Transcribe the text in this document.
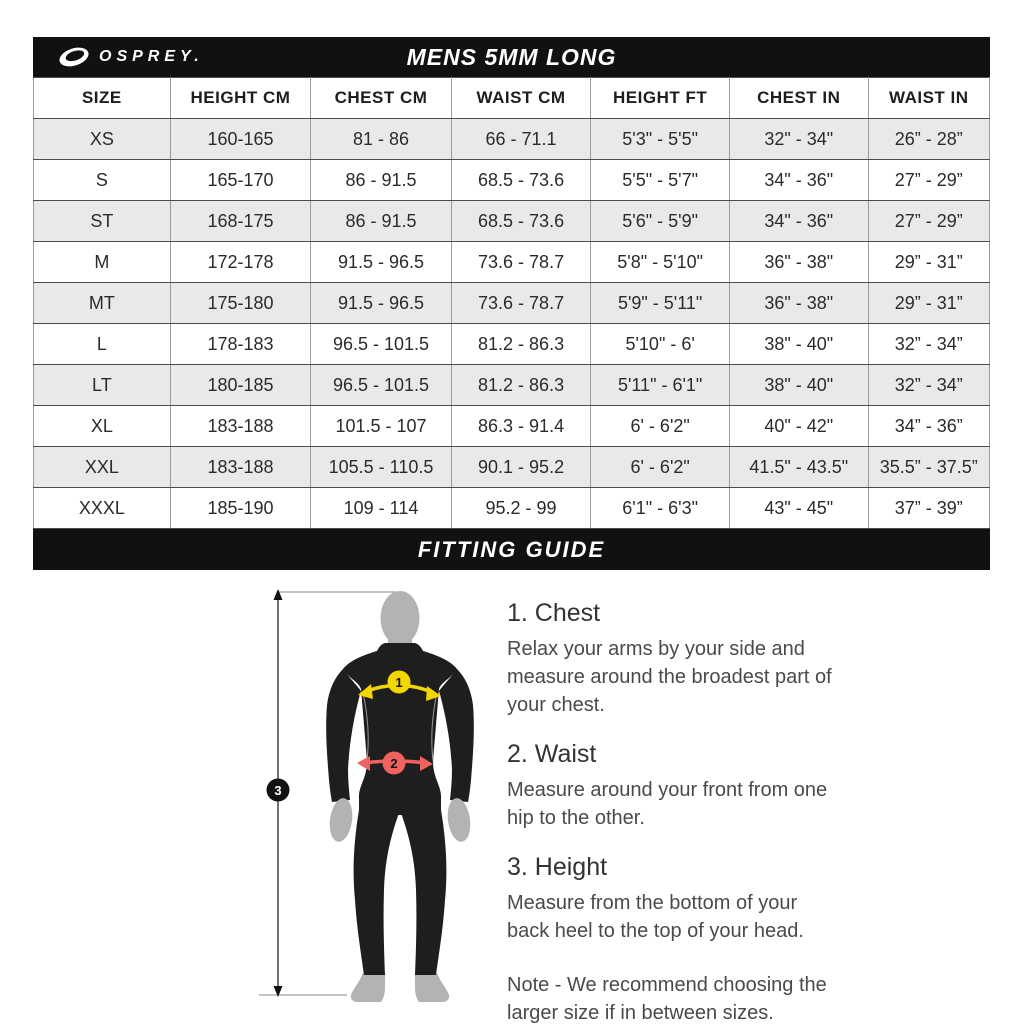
OSPREY.	MENS 5MM LONG
SIZE	HEIGHT CM	CHEST CM	WAIST CM	HEIGHT FT	CHEST IN	WAIST IN
XS	160-165	81 - 86	66 - 71.1	5'3" - 5'5"	32" - 34"	26” - 28”
S	165-170	86 - 91.5	68.5 - 73.6	5'5" - 5'7"	34" - 36"	27” - 29”
ST	168-175	86 - 91.5	68.5 - 73.6	5'6" - 5'9"	34" - 36"	27” - 29”
M	172-178	91.5 - 96.5	73.6 - 78.7	5'8" - 5'10"	36" - 38"	29” - 31”
MT	175-180	91.5 - 96.5	73.6 - 78.7	5'9" - 5'11"	36" - 38"	29” - 31”
L	178-183	96.5 - 101.5	81.2 - 86.3	5'10" - 6'	38" - 40"	32” - 34”
LT	180-185	96.5 - 101.5	81.2 - 86.3	5'11" - 6'1"	38" - 40"	32” - 34”
XL	183-188	101.5 - 107	86.3 - 91.4	6' - 6'2"	40" - 42"	34” - 36”
XXL	183-188	105.5 - 110.5	90.1 - 95.2	6' - 6'2"	41.5" - 43.5"	35.5” - 37.5”
XXXL	185-190	109 - 114	95.2 - 99	6'1" - 6'3"	43" - 45"	37” - 39”
FITTING GUIDE
1
2
3
1. Chest

Relax your arms by your side and measure around the broadest part of your chest.

2. Waist

Measure around your front from one hip to the other.

3. Height

Measure from the bottom of your back heel to the top of your head.

Note - We recommend choosing the larger size if in between sizes.
